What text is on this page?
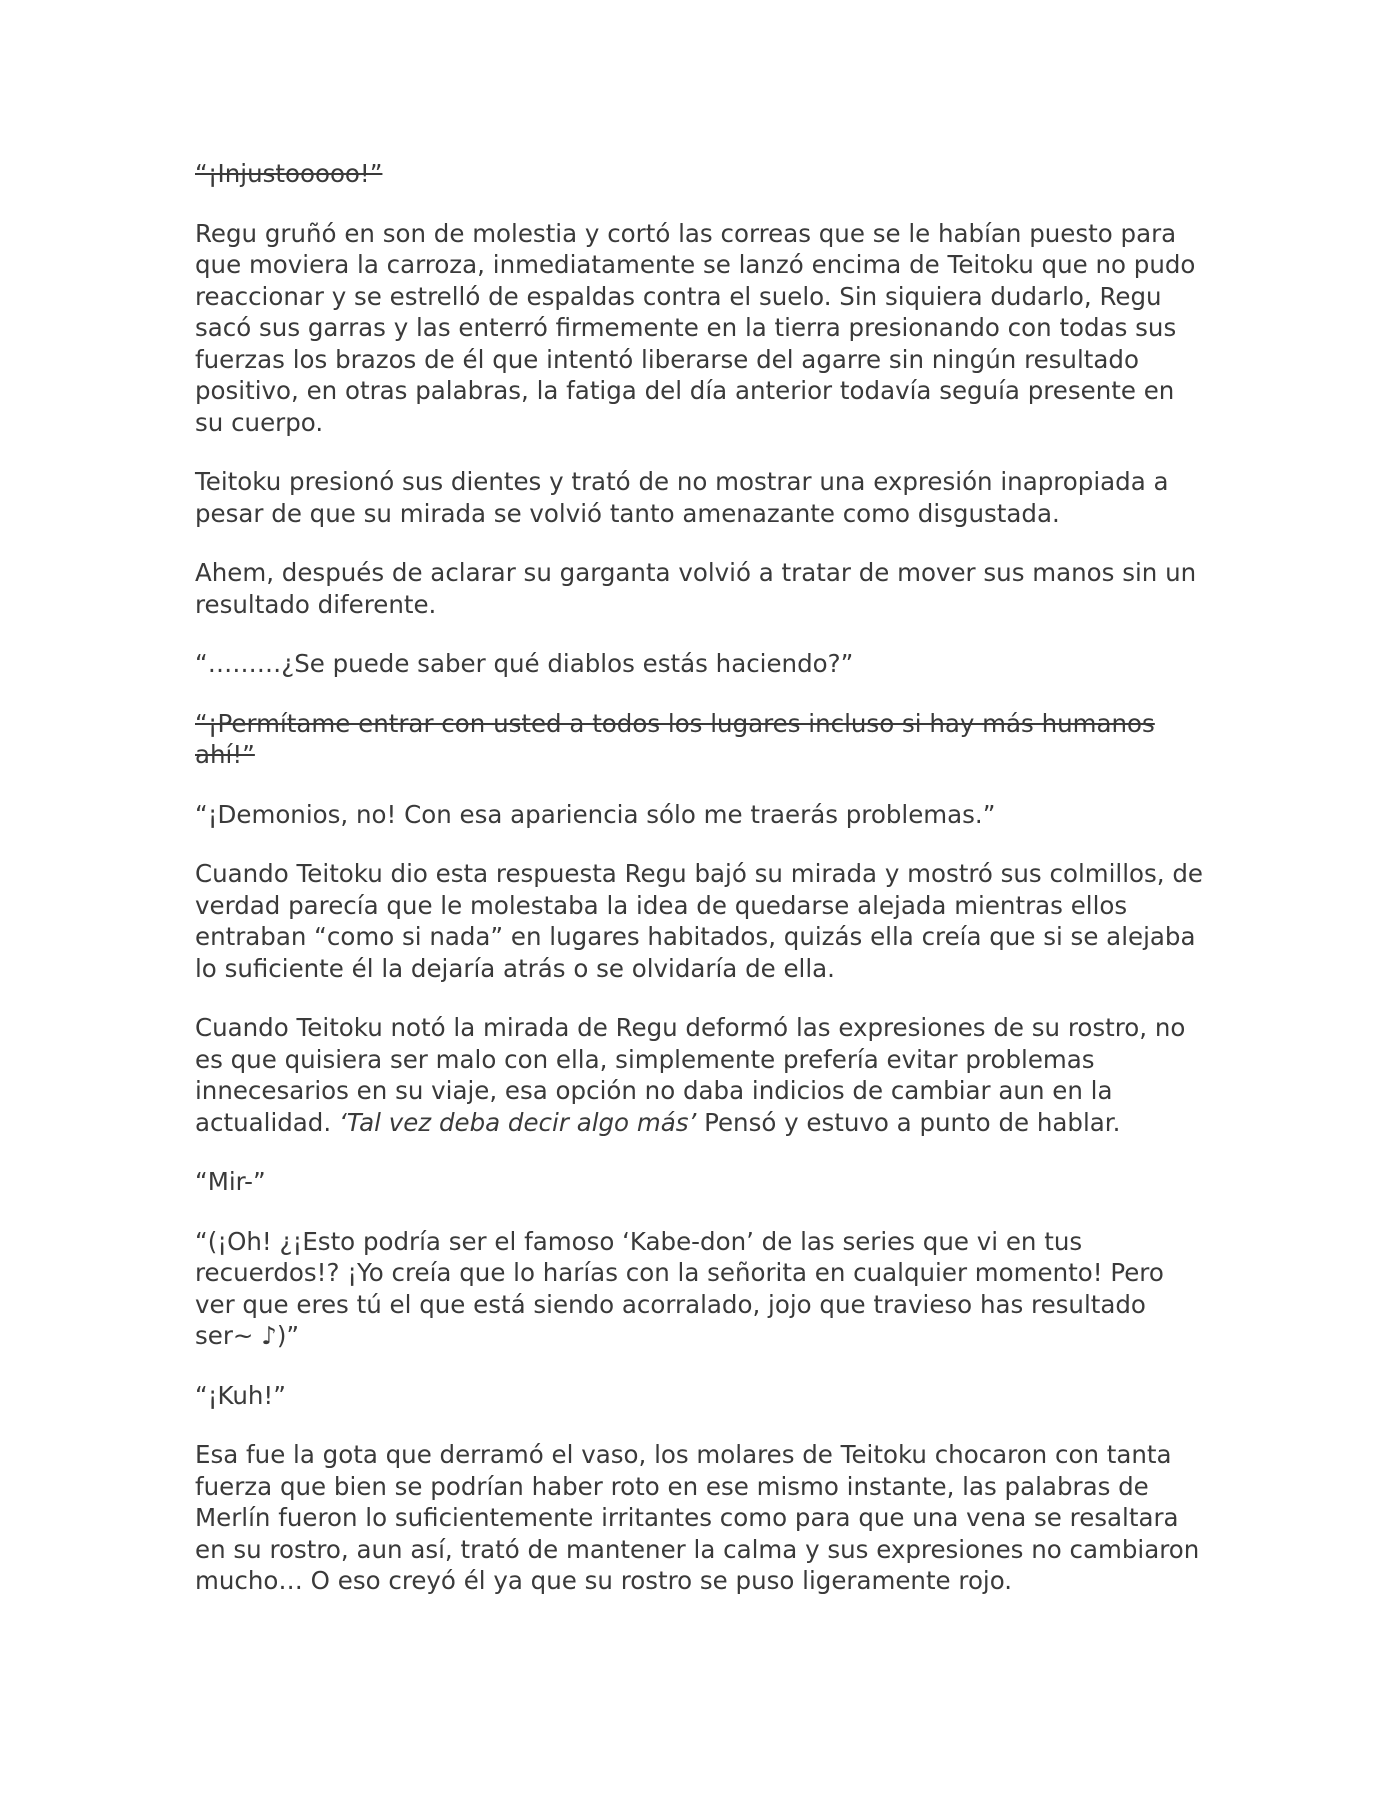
“¡Injustooooo!”

Regu gruñó en son de molestia y cortó las correas que se le habían puesto para que moviera la carroza, inmediatamente se lanzó encima de Teitoku que no pudo reaccionar y se estrelló de espaldas contra el suelo. Sin siquiera dudarlo, Regu sacó sus garras y las enterró firmemente en la tierra presionando con todas sus fuerzas los brazos de él que intentó liberarse del agarre sin ningún resultado positivo, en otras palabras, la fatiga del día anterior todavía seguía presente en su cuerpo.

Teitoku presionó sus dientes y trató de no mostrar una expresión inapropiada a pesar de que su mirada se volvió tanto amenazante como disgustada.

Ahem, después de aclarar su garganta volvió a tratar de mover sus manos sin un resultado diferente.

“………¿Se puede saber qué diablos estás haciendo?”

“¡Permítame entrar con usted a todos los lugares incluso si hay más humanos ahí!”

“¡Demonios, no! Con esa apariencia sólo me traerás problemas.”

Cuando Teitoku dio esta respuesta Regu bajó su mirada y mostró sus colmillos, de verdad parecía que le molestaba la idea de quedarse alejada mientras ellos entraban “como si nada” en lugares habitados, quizás ella creía que si se alejaba lo suficiente él la dejaría atrás o se olvidaría de ella.

Cuando Teitoku notó la mirada de Regu deformó las expresiones de su rostro, no es que quisiera ser malo con ella, simplemente prefería evitar problemas innecesarios en su viaje, esa opción no daba indicios de cambiar aun en la actualidad. ‘Tal vez deba decir algo más’ Pensó y estuvo a punto de hablar.

“Mir-”

“(¡Oh! ¿¡Esto podría ser el famoso ‘Kabe-don’ de las series que vi en tus recuerdos!? ¡Yo creía que lo harías con la señorita en cualquier momento! Pero ver que eres tú el que está siendo acorralado, jojo que travieso has resultado ser~ ♪)”

“¡Kuh!”

Esa fue la gota que derramó el vaso, los molares de Teitoku chocaron con tanta fuerza que bien se podrían haber roto en ese mismo instante, las palabras de Merlín fueron lo suficientemente irritantes como para que una vena se resaltara en su rostro, aun así, trató de mantener la calma y sus expresiones no cambiaron mucho… O eso creyó él ya que su rostro se puso ligeramente rojo.
